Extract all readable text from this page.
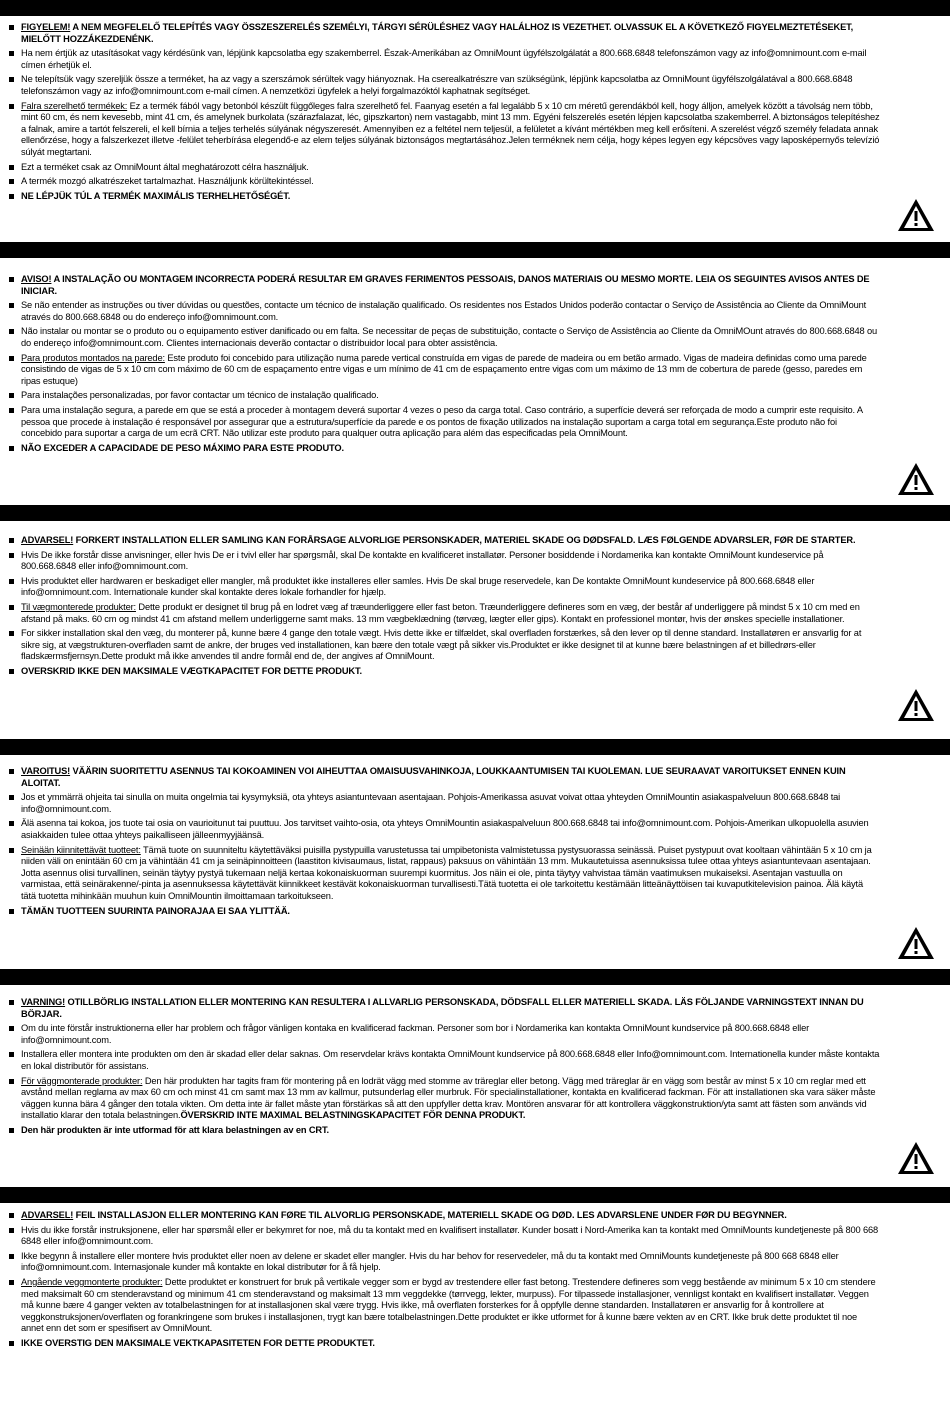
FIGYELEM! A NEM MEGFELELŐ TELEPÍTÉS VAGY ÖSSZESZERELÉS SZEMÉLYI, TÁRGYI SÉRÜLÉSHEZ VAGY HALÁLHOZ IS VEZETHET. OLVASSUK EL A KÖVETKEZŐ FIGYELMEZTETÉSEKET, MIELŐTT HOZZÁKEZDENÉNK.
Ha nem értjük az utasításokat vagy kérdésünk van, lépjünk kapcsolatba egy szakemberrel. Észak-Amerikában az OmniMount ügyfélszolgálatát a 800.668.6848 telefonszámon vagy az info@omnimount.com e-mail címen érhetjük el.
Ne telepítsük vagy szereljük össze a terméket, ha az vagy a szerszámok sérültek vagy hiányoznak. Ha cserealkatrészre van szükségünk, lépjünk kapcsolatba az OmniMount ügyfélszolgálatával a 800.668.6848 telefonszámon vagy az info@omnimount.com e-mail címen. A nemzetközi ügyfelek a helyi forgalmazóktól kaphatnak segítséget.
Falra szerelhető termékek: Ez a termék fából vagy betonból készült függőleges falra szerelhető fel. Faanyag esetén a fal legalább 5 x 10 cm méretű gerendákból kell, hogy álljon, amelyek között a távolság nem több, mint 60 cm, és nem kevesebb, mint 41 cm, és amelynek burkolata (szárazfalazat, léc, gipszkarton) nem vastagabb, mint 13 mm. Egyéni felszerelés esetén lépjen kapcsolatba szakemberrel. A biztonságos telepítéshez a falnak, amire a tartót felszereli, el kell bírnia a teljes terhelés súlyának négyszeresét. Amennyiben ez a feltétel nem teljesül, a felületet a kívánt mértékben meg kell erősíteni. A szerelést végző személy feladata annak ellenőrzése, hogy a falszerkezet illetve -felület teherbírása elegendő-e az elem teljes súlyának biztonságos megtartásához.Jelen terméknek nem célja, hogy képes legyen egy képcsöves vagy laposképernyős televízió súlyát megtartani.
Ezt a terméket csak az OmniMount által meghatározott célra használjuk.
A termék mozgó alkatrészeket tartalmazhat. Használjunk körültekintéssel.
NE LÉPJÜK TÚL A TERMÉK MAXIMÁLIS TERHELHETŐSÉGÉT.
AVISO! A INSTALAÇÃO OU MONTAGEM INCORRECTA PODERÁ RESULTAR EM GRAVES FERIMENTOS PESSOAIS, DANOS MATERIAIS OU MESMO MORTE. LEIA OS SEGUINTES AVISOS ANTES DE INICIAR.
Se não entender as instruções ou tiver dúvidas ou questões, contacte um técnico de instalação qualificado. Os residentes nos Estados Unidos poderão contactar o Serviço de Assistência ao Cliente da OmniMount através do 800.668.6848 ou do endereço info@omnimount.com.
Não instalar ou montar se o produto ou o equipamento estiver danificado ou em falta. Se necessitar de peças de substituição, contacte o Serviço de Assistência ao Cliente da OmniMOunt através do 800.668.6848 ou do endereço info@omnimount.com. Clientes internacionais deverão contactar o distribuidor local para obter assistência.
Para produtos montados na parede: Este produto foi concebido para utilização numa parede vertical construída em vigas de parede de madeira ou em betão armado. Vigas de madeira definidas como uma parede consistindo de vigas de 5 x 10 cm com máximo de 60 cm de espaçamento entre vigas e um mínimo de 41 cm de espaçamento entre vigas com um máximo de 13 mm de cobertura de parede (gesso, paredes em ripas estuque)
Para instalações personalizadas, por favor contactar um técnico de instalação qualificado.
Para uma instalação segura, a parede em que se está a proceder à montagem deverá suportar 4 vezes o peso da carga total. Caso contrário, a superfície deverá ser reforçada de modo a cumprir este requisito. A pessoa que procede à instalação é responsável por assegurar que a estrutura/superfície da parede e os pontos de fixação utilizados na instalação suportam a carga total em segurança.Este produto não foi concebido para suportar a carga de um ecrã CRT. Não utilizar este produto para qualquer outra aplicação para além das especificadas pela OmniMount.
NÃO EXCEDER A CAPACIDADE DE PESO MÁXIMO PARA ESTE PRODUTO.
ADVARSEL! FORKERT INSTALLATION ELLER SAMLING KAN FORÅRSAGE ALVORLIGE PERSONSKADER, MATERIEL SKADE OG DØDSFALD. LÆS FØLGENDE ADVARSLER, FØR DE STARTER.
Hvis De ikke forstår disse anvisninger, eller hvis De er i tvivl eller har spørgsmål, skal De kontakte en kvalificeret installatør. Personer bosiddende i Nordamerika kan kontakte OmniMount kundeservice på 800.668.6848 eller info@omnimount.com.
Hvis produktet eller hardwaren er beskadiget eller mangler, må produktet ikke installeres eller samles. Hvis De skal bruge reservedele, kan De kontakte OmniMount kundeservice på 800.668.6848 eller info@omnimount.com. Internationale kunder skal kontakte deres lokale forhandler for hjælp.
Til vægmonterede produkter: Dette produkt er designet til brug på en lodret væg af træunderliggere eller fast beton. Træunderliggere defineres som en væg, der består af underliggere på mindst 5 x 10 cm med en afstand på maks. 60 cm og mindst 41 cm afstand mellem underliggerne samt maks. 13 mm vægbeklædning (tørvæg, lægter eller gips). Kontakt en professionel montør, hvis der ønskes specielle installationer.
For sikker installation skal den væg, du monterer på, kunne bære 4 gange den totale vægt. Hvis dette ikke er tilfældet, skal overfladen forstærkes, så den lever op til denne standard. Installatøren er ansvarlig for at sikre sig, at vægstrukturen-overfladen samt de ankre, der bruges ved installationen, kan bære den totale vægt på sikker vis.Produktet er ikke designet til at kunne bære belastningen af et billedrørs-eller fladskærmsfjernsyn.Dette produkt må ikke anvendes til andre formål end de, der angives af OmniMount.
OVERSKRID IKKE DEN MAKSIMALE VÆGTKAPACITET FOR DETTE PRODUKT.
VAROITUS! VÄÄRIN SUORITETTU ASENNUS TAI KOKOAMINEN VOI AIHEUTTAA OMAISUUSVAHINKOJA, LOUKKAANTUMISEN TAI KUOLEMAN. LUE SEURAAVAT VAROITUKSET ENNEN KUIN ALOITAT.
Jos et ymmärrä ohjeita tai sinulla on muita ongelmia tai kysymyksiä, ota yhteys asiantuntevaan asentajaan. Pohjois-Amerikassa asuvat voivat ottaa yhteyden OmniMountin asiakaspalveluun 800.668.6848 tai info@omnimount.com.
Älä asenna tai kokoa, jos tuote tai osia on vaurioitunut tai puuttuu. Jos tarvitset vaihto-osia, ota yhteys OmniMountin asiakaspalveluun 800.668.6848 tai info@omnimount.com. Pohjois-Amerikan ulkopuolella asuvien asiakkaiden tulee ottaa yhteys paikalliseen jälleenmyyjäänsä.
Seinään kiinnitettävät tuotteet: Tämä tuote on suunniteltu käytettäväksi puisilla pystypuilla varustetussa tai umpibetonista valmistetussa pystysuorassa seinässä. Puiset pystypuut ovat kooltaan vähintään 5 x 10 cm ja niiden väli on enintään 60 cm ja vähintään 41 cm ja seinäpinnoitteen (laastiton kivisaumaus, listat, rappaus) paksuus on vähintään 13 mm. Mukautetuissa asennuksissa tulee ottaa yhteys asiantuntevaan asentajaan. Jotta asennus olisi turvallinen, seinän täytyy pystyä tukemaan neljä kertaa kokonaiskuorman suurempi kuormitus. Jos näin ei ole, pinta täytyy vahvistaa tämän vaatimuksen mukaiseksi. Asentajan vastuulla on varmistaa, että seinärakenne/-pinta ja asennuksessa käytettävät kiinnikkeet kestävät kokonaiskuorman turvallisesti.Tätä tuotetta ei ole tarkoitettu kestämään litteänäyttöisen tai kuvaputkitelevision painoa. Älä käytä tätä tuotetta mihinkään muuhun kuin OmniMountin ilmoittamaan tarkoitukseen.
TÄMÄN TUOTTEEN SUURINTA PAINORAJAA EI SAA YLITTÄÄ.
VARNING! OTILLBÖRLIG INSTALLATION ELLER MONTERING KAN RESULTERA I ALLVARLIG PERSONSKADA, DÖDSFALL ELLER MATERIELL SKADA. LÄS FÖLJANDE VARNINGSTEXT INNAN DU BÖRJAR.
Om du inte förstår instruktionerna eller har problem och frågor vänligen kontaka en kvalificerad fackman. Personer som bor i Nordamerika kan kontakta OmniMount kundservice på 800.668.6848 eller info@omnimount.com.
Installera eller montera inte produkten om den är skadad eller delar saknas. Om reservdelar krävs kontakta OmniMount kundservice på 800.668.6848 eller Info@omnimount.com. Internationella kunder måste kontakta en lokal distributör för assistans.
För väggmonterade produkter: Den här produkten har tagits fram för montering på en lodrät vägg med stomme av träreglar eller betong. Vägg med träreglar är en vägg som består av minst 5 x 10 cm reglar med ett avstånd mellan reglarna av max 60 cm och minst 41 cm samt max 13 mm av kallmur, putsunderlag eller murbruk. För specialinstallationer, kontakta en kvalificerad fackman. För att installationen ska vara säker måste väggen kunna bära 4 gånger den totala vikten. Om detta inte är fallet måste ytan förstärkas så att den uppfyller detta krav. Montören ansvarar för att kontrollera väggkonstruktion/yta samt att fästen som används vid installatio klarar den totala belastningen.ÖVERSKRID INTE MAXIMAL BELASTNINGSKAPACITET FÖR DENNA PRODUKT.
Den här produkten är inte utformad för att klara belastningen av en CRT.
ADVARSEL! FEIL INSTALLASJON ELLER MONTERING KAN FØRE TIL ALVORLIG PERSONSKADE, MATERIELL SKADE OG DØD. LES ADVARSLENE UNDER FØR DU BEGYNNER.
Hvis du ikke forstår instruksjonene, eller har spørsmål eller er bekymret for noe, må du ta kontakt med en kvalifisert installatør. Kunder bosatt i Nord-Amerika kan ta kontakt med OmniMounts kundetjeneste på 800 668 6848 eller info@omnimount.com.
Ikke begynn å installere eller montere hvis produktet eller noen av delene er skadet eller mangler. Hvis du har behov for reservedeler, må du ta kontakt med OmniMounts kundetjeneste på 800 668 6848 eller info@omnimount.com. Internasjonale kunder må kontakte en lokal distributør for å få hjelp.
Angående veggmonterte produkter: Dette produktet er konstruert for bruk på vertikale vegger som er bygd av trestendere eller fast betong. Trestendere defineres som vegg bestående av minimum 5 x 10 cm stendere med maksimalt 60 cm stenderavstand og minimum 41 cm stenderavstand og maksimalt 13 mm veggdekke (tørrvegg, lekter, murpuss). For tilpassede installasjoner, vennligst kontakt en kvalifisert installatør. Veggen må kunne bære 4 ganger vekten av totalbelastningen for at installasjonen skal være trygg. Hvis ikke, må overflaten forsterkes for å oppfylle denne standarden. Installatøren er ansvarlig for å kontrollere at veggkonstruksjonen/overflaten og forankringene som brukes i installasjonen, trygt kan bære totalbelastningen.Dette produktet er ikke utformet for å kunne bære vekten av en CRT. Ikke bruk dette produktet til noe annet enn det som er spesifisert av OmniMount.
IKKE OVERSTIG DEN MAKSIMALE VEKTKAPASITETEN FOR DETTE PRODUKTET.
